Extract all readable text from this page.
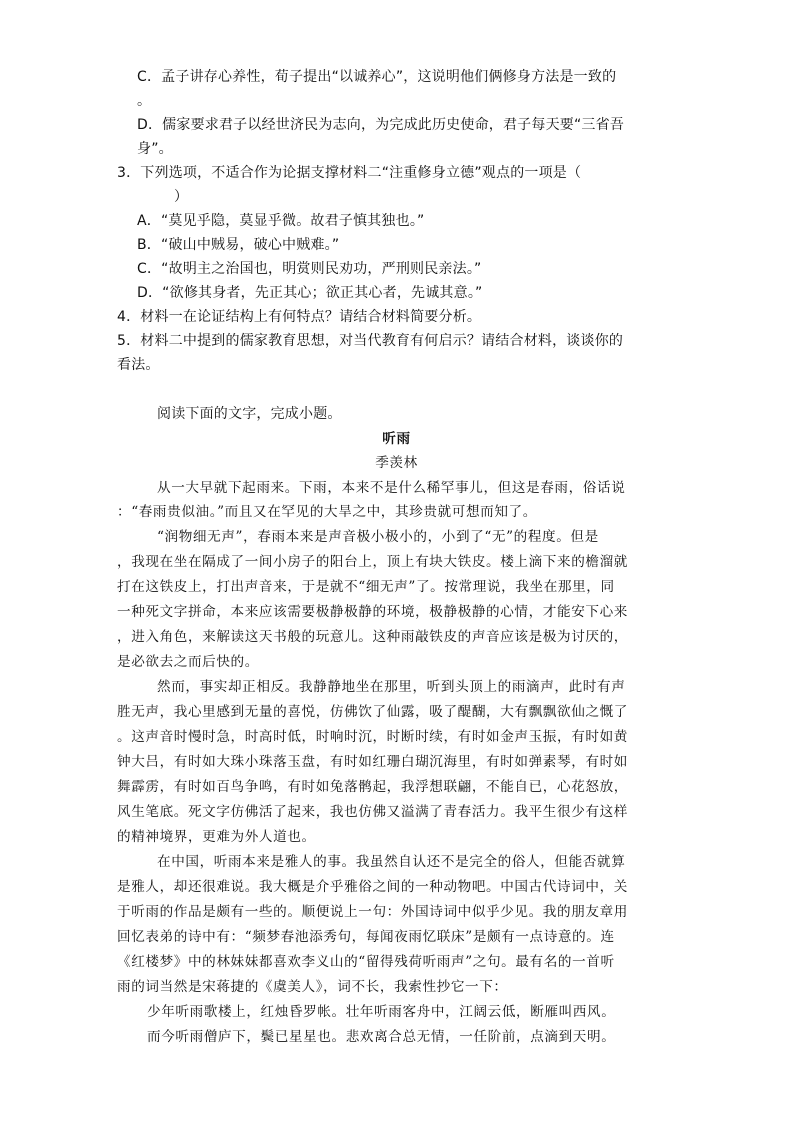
C．孟子讲存心养性，荀子提出“以诚养心”，这说明他们俩修身方法是一致的
。
D．儒家要求君子以经世济民为志向，为完成此历史使命，君子每天要“三省吾
身”。
3．下列选项，不适合作为论据支撑材料二“注重修身立德”观点的一项是（
）
A．“莫见乎隐，莫显乎微。故君子慎其独也。”
B．“破山中贼易，破心中贼难。”
C．“故明主之治国也，明赏则民劝功，严刑则民亲法。”
D．“欲修其身者，先正其心；欲正其心者，先诚其意。”
4．材料一在论证结构上有何特点？请结合材料简要分析。
5．材料二中提到的儒家教育思想，对当代教育有何启示？请结合材料，谈谈你的
看法。
阅读下面的文字，完成小题。
听雨
季羡林
从一大早就下起雨来。下雨，本来不是什么稀罕事儿，但这是春雨，俗话说
：“春雨贵似油。”而且又在罕见的大旱之中，其珍贵就可想而知了。
“润物细无声”，春雨本来是声音极小极小的，小到了“无”的程度。但是
，我现在坐在隔成了一间小房子的阳台上，顶上有块大铁皮。楼上滴下来的檐溜就
打在这铁皮上，打出声音来，于是就不“细无声”了。按常理说，我坐在那里，同
一种死文字拼命，本来应该需要极静极静的环境，极静极静的心情，才能安下心来
，进入角色，来解读这天书般的玩意儿。这种雨敲铁皮的声音应该是极为讨厌的，
是必欲去之而后快的。
然而，事实却正相反。我静静地坐在那里，听到头顶上的雨滴声，此时有声
胜无声，我心里感到无量的喜悦，仿佛饮了仙露，吸了醍醐，大有飘飘欲仙之慨了
。这声音时慢时急，时高时低，时响时沉，时断时续，有时如金声玉振，有时如黄
钟大吕，有时如大珠小珠落玉盘，有时如红珊白瑚沉海里，有时如弹素琴，有时如
舞霹雳，有时如百鸟争鸣，有时如兔落鹘起，我浮想联翩，不能自已，心花怒放，
风生笔底。死文字仿佛活了起来，我也仿佛又溢满了青春活力。我平生很少有这样
的精神境界，更难为外人道也。
在中国，听雨本来是雅人的事。我虽然自认还不是完全的俗人，但能否就算
是雅人，却还很难说。我大概是介乎雅俗之间的一种动物吧。中国古代诗词中，关
于听雨的作品是颇有一些的。顺便说上一句：外国诗词中似乎少见。我的朋友章用
回忆表弟的诗中有：“频梦春池添秀句，每闻夜雨忆联床”是颇有一点诗意的。连
《红楼梦》中的林妹妹都喜欢李义山的“留得残荷听雨声”之句。最有名的一首听
雨的词当然是宋蒋捷的《虞美人》，词不长，我索性抄它一下：
少年听雨歌楼上，红烛昏罗帐。壮年听雨客舟中，江阔云低，断雁叫西风。
而今听雨僧庐下，鬓已星星也。悲欢离合总无情，一任阶前，点滴到天明。
